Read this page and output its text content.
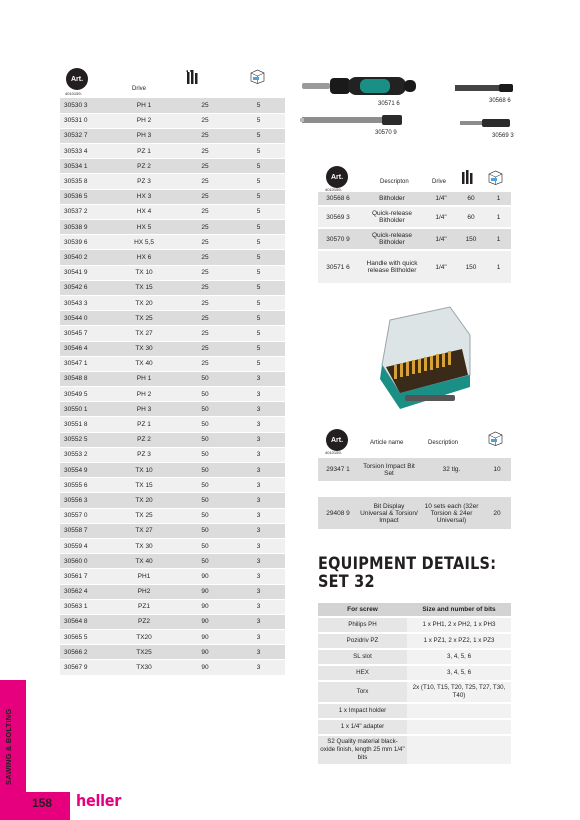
Art.
4010159-
Drive
30530 3	PH 1	25	5
30531 0	PH 2	25	5
30532 7	PH 3	25	5
30533 4	PZ 1	25	5
30534 1	PZ 2	25	5
30535 8	PZ 3	25	5
30536 5	HX 3	25	5
30537 2	HX 4	25	5
30538 9	HX 5	25	5
30539 6	HX 5,5	25	5
30540 2	HX 6	25	5
30541 9	TX 10	25	5
30542 6	TX 15	25	5
30543 3	TX 20	25	5
30544 0	TX 25	25	5
30545 7	TX 27	25	5
30546 4	TX 30	25	5
30547 1	TX 40	25	5
30548 8	PH 1	50	3
30549 5	PH 2	50	3
30550 1	PH 3	50	3
30551 8	PZ 1	50	3
30552 5	PZ 2	50	3
30553 2	PZ 3	50	3
30554 9	TX 10	50	3
30555 6	TX 15	50	3
30556 3	TX 20	50	3
30557 0	TX 25	50	3
30558 7	TX 27	50	3
30559 4	TX 30	50	3
30560 0	TX 40	50	3
30561 7	PH1	90	3
30562 4	PH2	90	3
30563 1	PZ1	90	3
30564 8	PZ2	90	3
30565 5	TX20	90	3
30566 2	TX25	90	3
30567 9	TX30	90	3
30571 6
30570 9
30568 6
30569 3
Art.
4010159-
Descripton	Drive
30568 6	Bitholder	1/4"	60	1
30569 3	Quick-release Bitholder	1/4"	60	1
30570 9	Quick-release Bitholder	1/4"	150	1
30571 6	Handle with quick release Bitholder	1/4"	150	1
Art.
4010159-
Article name	Description
29347 1	Torsion Impact Bit Set	32 tlg.	10

29408 9	Bit Display Universal & Torsion/ Impact	10 sets each (32er Torsion & 24er Universal)	20
EQUIPMENT DETAILS:
SET 32
For screw	Size and number of bits
Philips PH	1 x PH1, 2 x PH2, 1 x PH3
Pozidriv PZ	1 x PZ1, 2 x PZ2, 1 x PZ3
SL slot	3, 4, 5, 6
HEX	3, 4, 5, 6
Torx	2x (T10, T15, T20, T25, T27, T30, T40)
1 x Impact holder	
1 x 1/4" adapter	
S2 Quality material black-oxide finish, length 25 mm 1/4" bits	
SAWING & BOLTING
158 heller
